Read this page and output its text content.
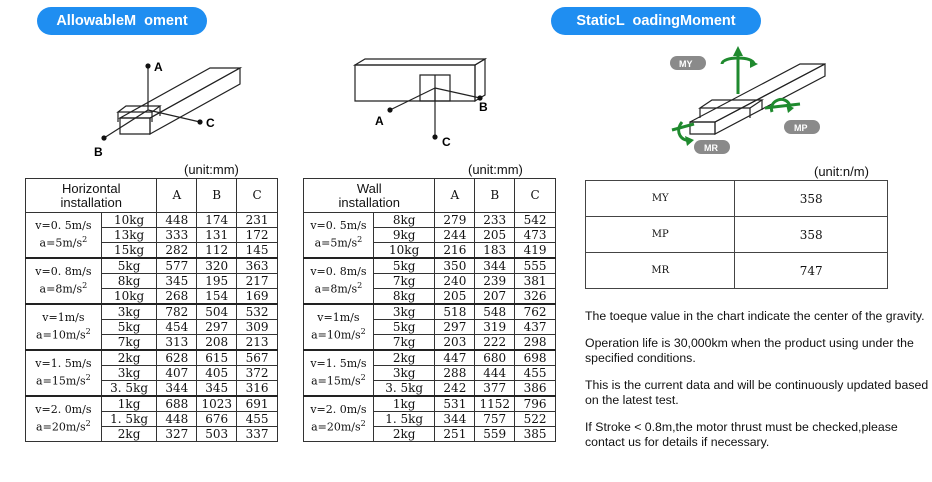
AllowableM  oment	StaticL  oadingMoment
A
C
B
A
B
C
MY
MP
MR
(unit:mm)	(unit:mm)	(unit:n/m)
Horizontal
installation		A	B	C

v=0. 5m/s
$a=5m/s^2$	10kg	448	174	231
	13kg	333	131	172
	15kg	282	112	145

v=0. 8m/s
$a=8m/s^2$	5kg	577	320	363
	8kg	345	195	217
	10kg	268	154	169

v=1m/s
$a=10m/s^2$	3kg	782	504	532
	5kg	454	297	309
	7kg	313	208	213

v=1. 5m/s
$a=15m/s^2$	2kg	628	615	567
	3kg	407	405	372
	3. 5kg	344	345	316

v=2. 0m/s
$a=20m/s^2$	1kg	688	1023	691
	1. 5kg	448	676	455
	2kg	327	503	337
Wall
installation		A	B	C

v=0. 5m/s
$a=5m/s^2$	8kg	279	233	542
	9kg	244	205	473
	10kg	216	183	419

v=0. 8m/s
$a=8m/s^2$	5kg	350	344	555
	7kg	240	239	381
	8kg	205	207	326

v=1m/s
$a=10m/s^2$	3kg	518	548	762
	5kg	297	319	437
	7kg	203	222	298

v=1. 5m/s
$a=15m/s^2$	2kg	447	680	698
	3kg	288	444	455
	3. 5kg	242	377	386

v=2. 0m/s
$a=20m/s^2$	1kg	531	1152	796
	1. 5kg	344	757	522
	2kg	251	559	385
MY	358
MP	358
MR	747

The toeque value in the chart indicate the center of the gravity.

Operation life is 30,000km when the product using under the specified conditions.

This is the current data and will be continuously updated based on the latest test.

If Stroke < 0.8m,the motor thrust must be checked,please contact us for details if necessary.
